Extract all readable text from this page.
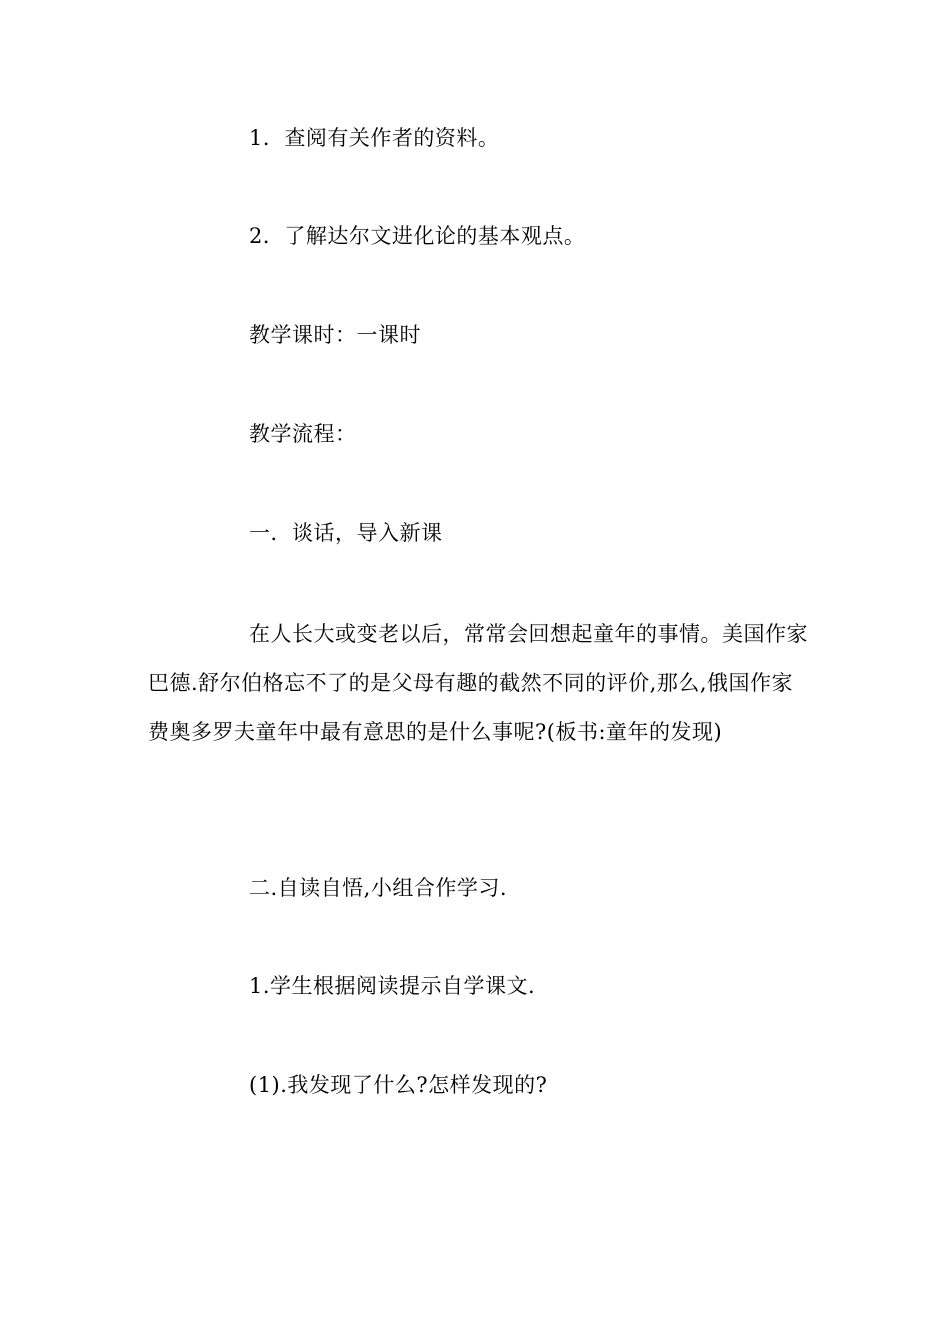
1．查阅有关作者的资料。
2．了解达尔文进化论的基本观点。
教学课时：一课时
教学流程：
一．谈话，导入新课

在人长大或变老以后，常常会回想起童年的事情。美国作家巴德.舒尔伯格忘不了的是父母有趣的截然不同的评价,那么,俄国作家费奥多罗夫童年中最有意思的是什么事呢?(板书:童年的发现)

二.自读自悟,小组合作学习.
1.学生根据阅读提示自学课文.
(1).我发现了什么?怎样发现的?
